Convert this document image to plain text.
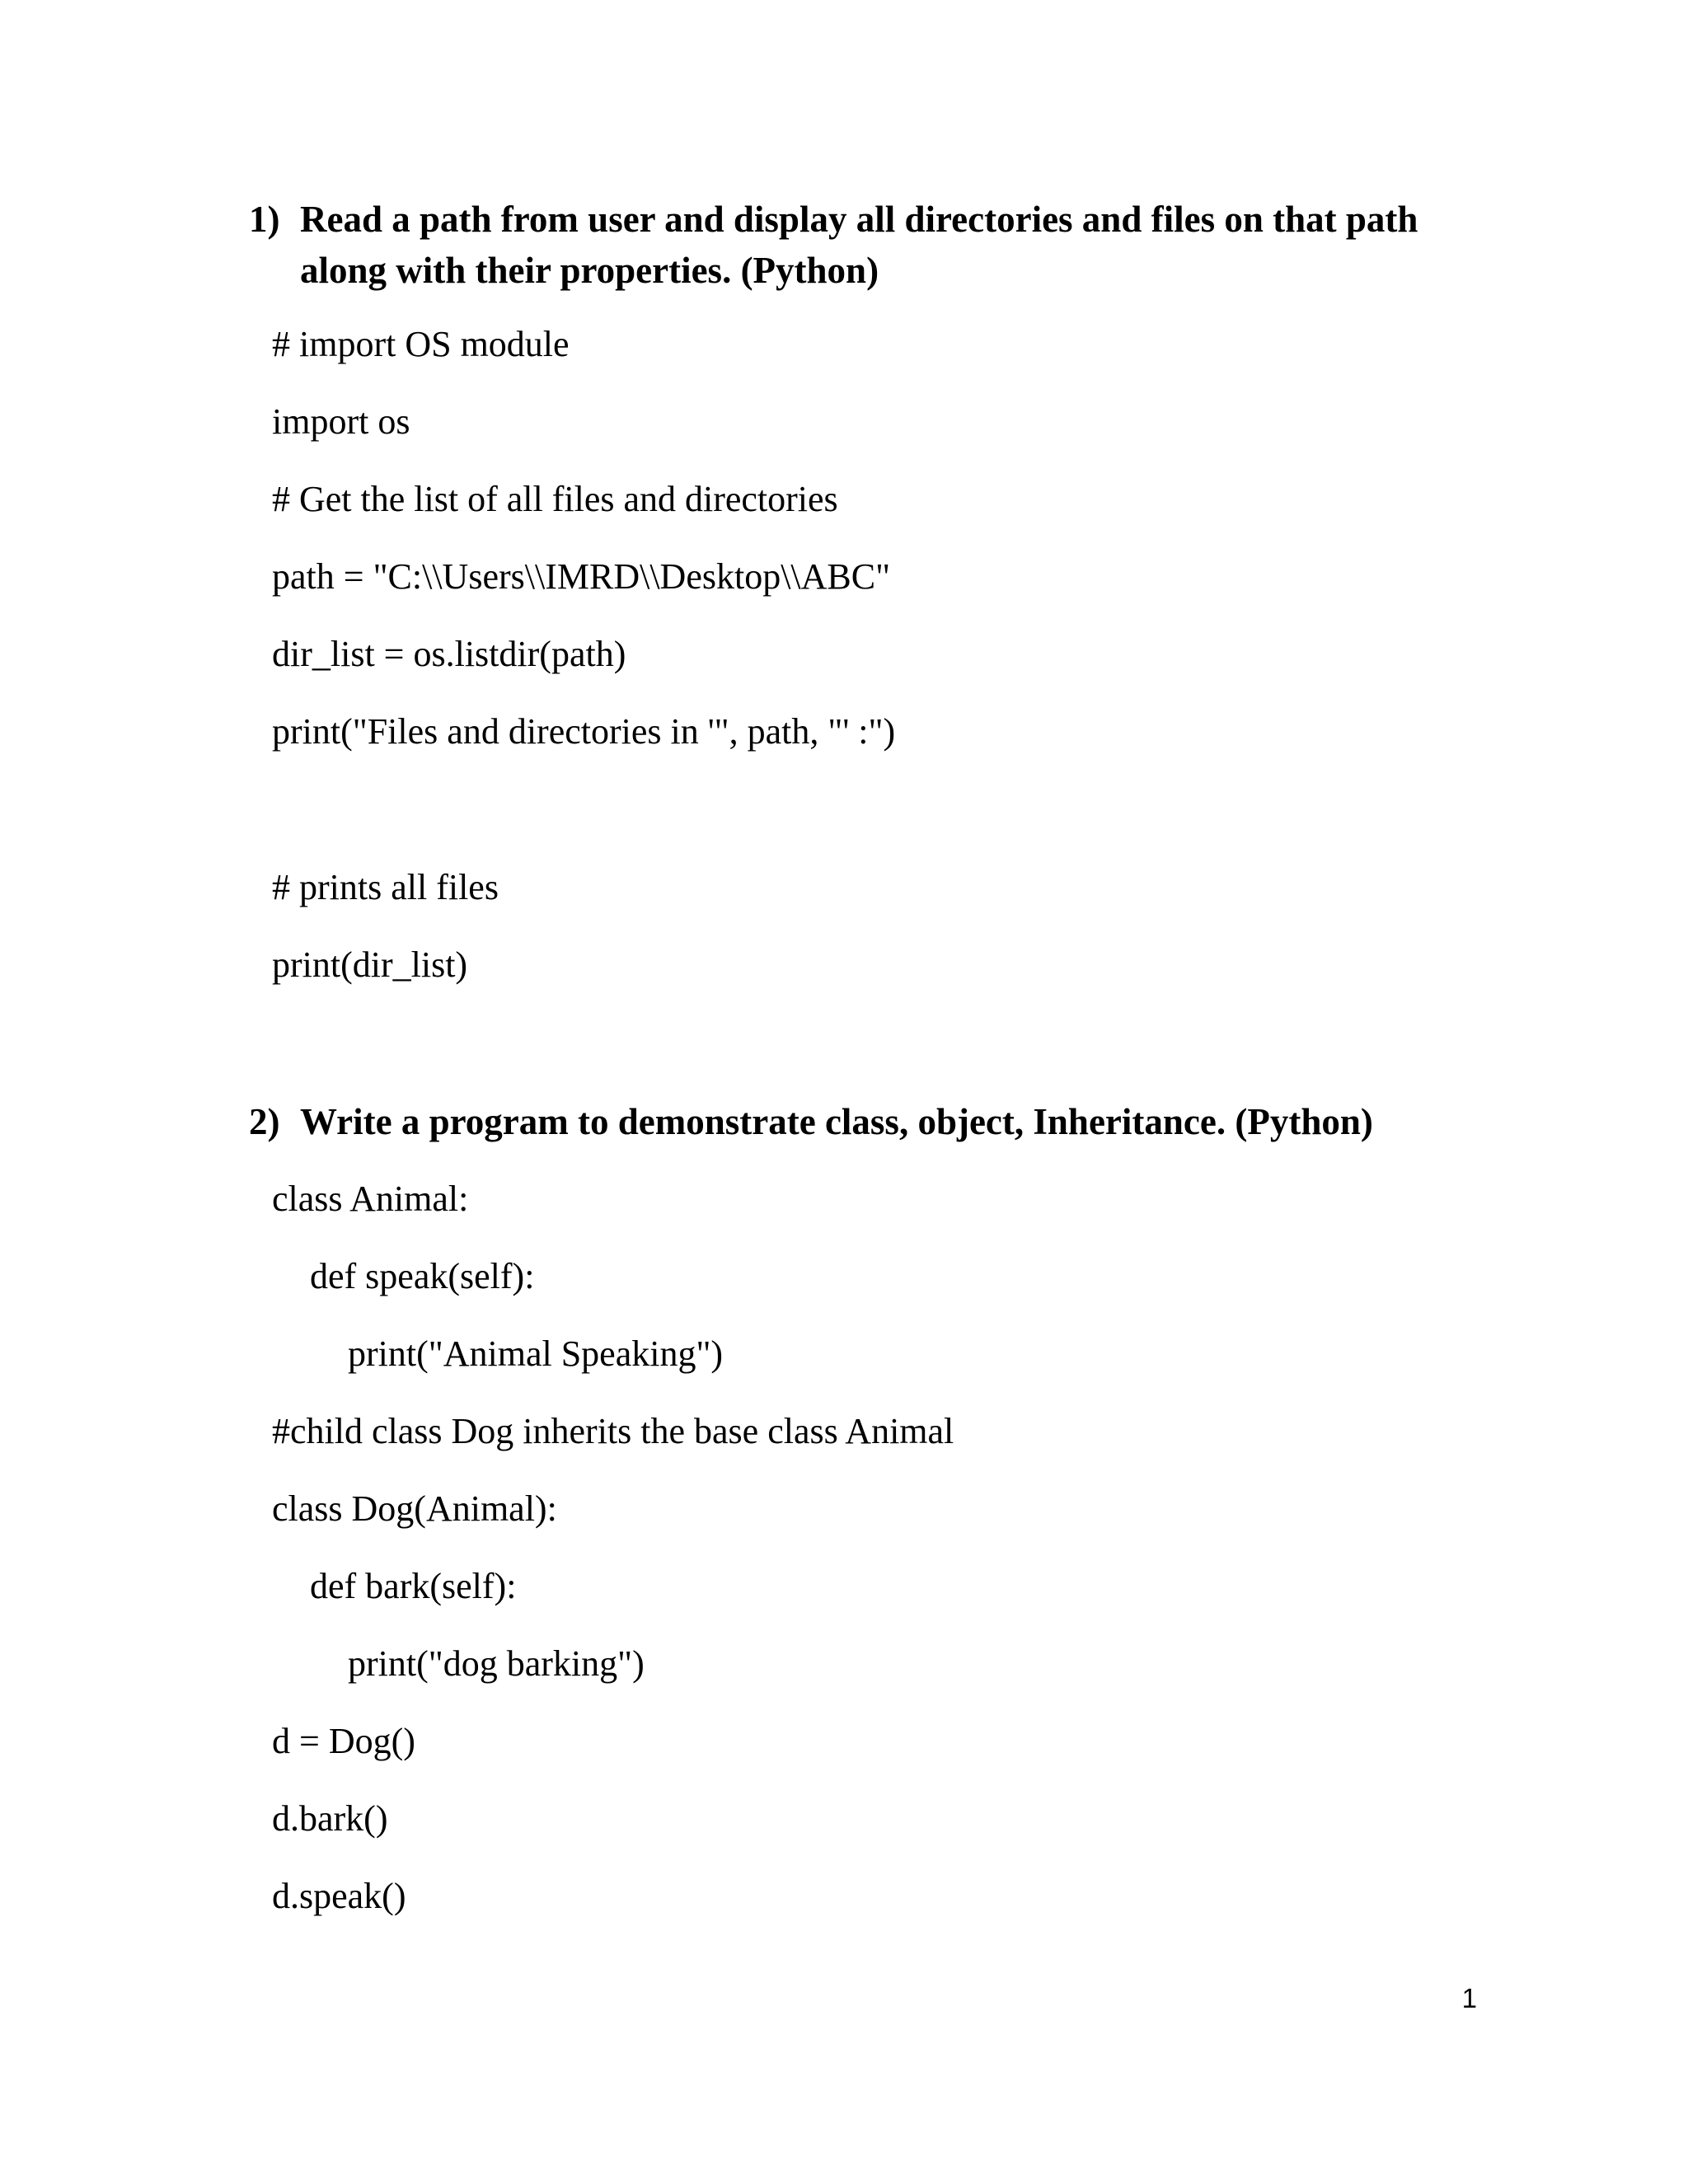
1) Read a path from user and display all directories and files on that path
along with their properties. (Python)
# import OS module
import os
# Get the list of all files and directories
path = "C:\\Users\\IMRD\\Desktop\\ABC"
dir_list = os.listdir(path)
print("Files and directories in '", path, "' :")
# prints all files
print(dir_list)
2) Write a program to demonstrate class, object, Inheritance. (Python)
class Animal:
def speak(self):
print("Animal Speaking")
#child class Dog inherits the base class Animal
class Dog(Animal):
def bark(self):
print("dog barking")
d = Dog()
d.bark()
d.speak()
1
